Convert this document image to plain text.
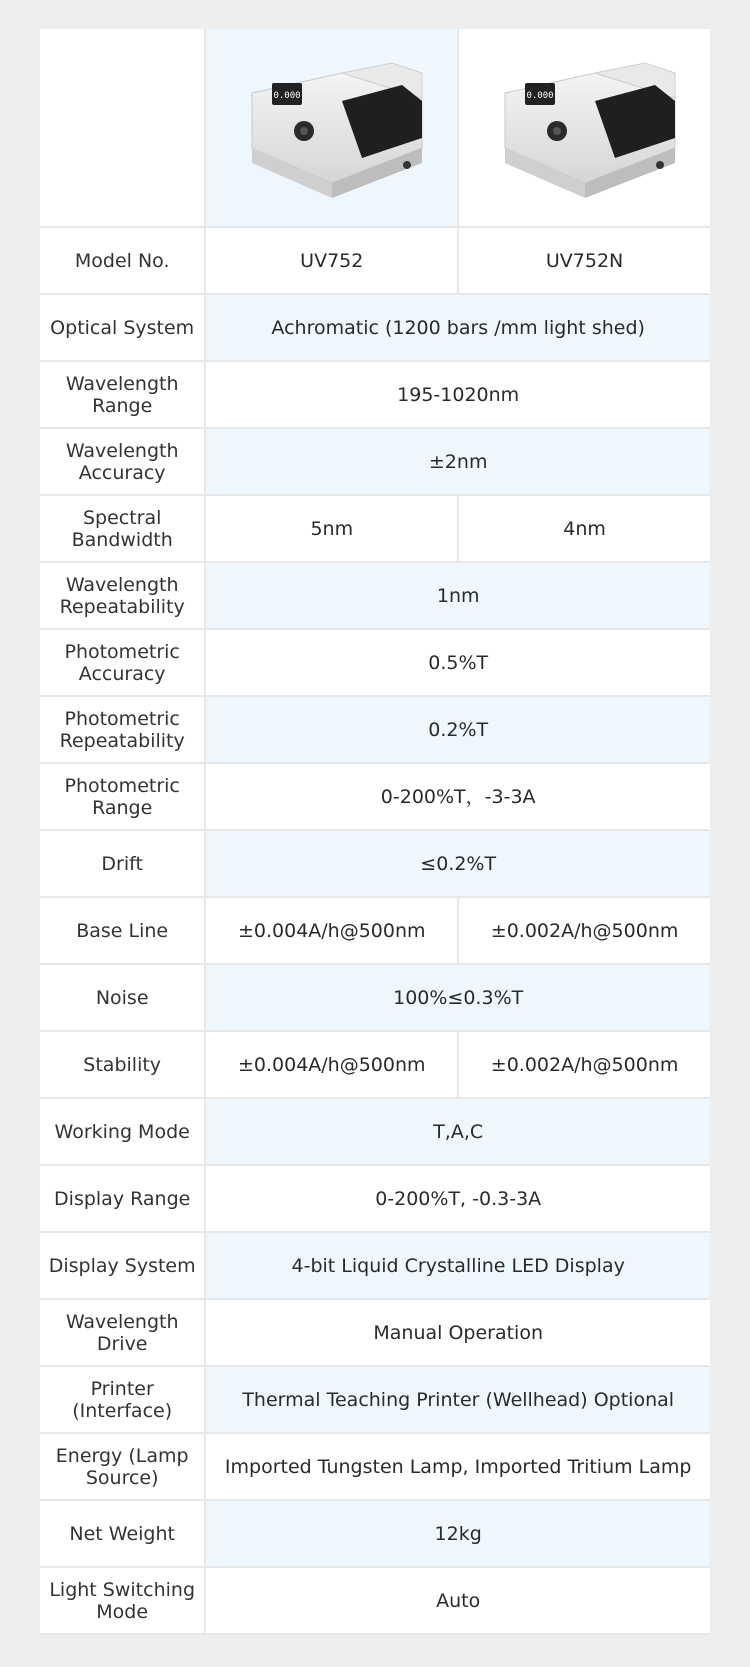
0.000	0.000

Model No.	UV752	UV752N
Optical System	Achromatic (1200 bars /mm light shed)	
Wavelength Range	195-1020nm	
Wavelength Accuracy	±2nm	
Spectral Bandwidth	5nm	4nm
Wavelength Repeatability	1nm	
Photometric Accuracy	0.5%T	
Photometric Repeatability	0.2%T	
Photometric Range	0-200%T，-3-3A	
Drift	≤0.2%T	
Base Line	±0.004A/h@500nm	±0.002A/h@500nm
Noise	100%≤0.3%T	
Stability	±0.004A/h@500nm	±0.002A/h@500nm
Working Mode	T,A,C	
Display Range	0-200%T, -0.3-3A	
Display System	4-bit Liquid Crystalline LED Display	
Wavelength Drive	Manual Operation	
Printer (Interface)	Thermal Teaching Printer (Wellhead) Optional	
Energy (Lamp Source)	Imported Tungsten Lamp, Imported Tritium Lamp	
Net Weight	12kg	
Light Switching Mode	Auto	
